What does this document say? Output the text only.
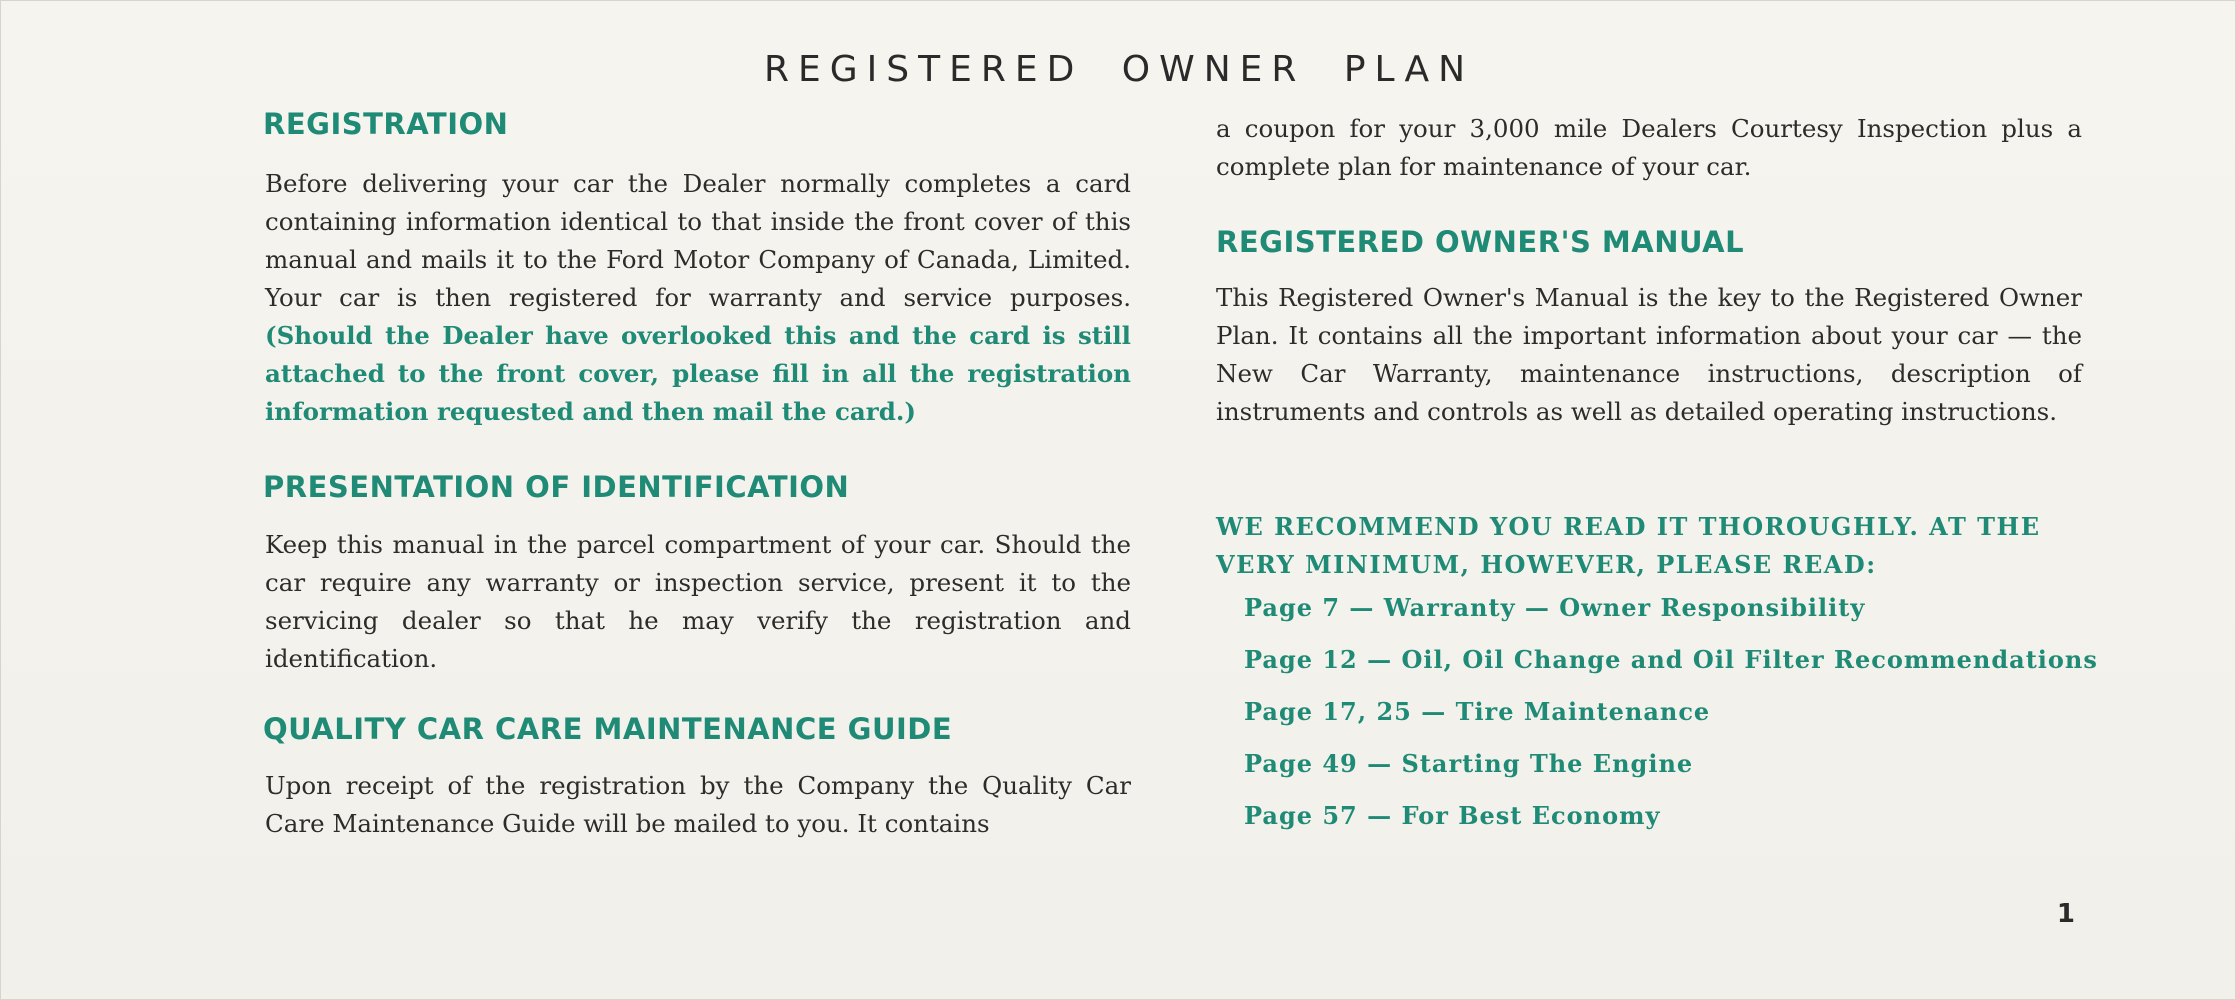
REGISTERED OWNER PLAN
REGISTRATION
Before delivering your car the Dealer normally completes a card containing information identical to that inside the front cover of this manual and mails it to the Ford Motor Company of Canada, Limited. Your car is then registered for warranty and service purposes. (Should the Dealer have overlooked this and the card is still attached to the front cover, please fill in all the registration information requested and then mail the card.)
PRESENTATION OF IDENTIFICATION
Keep this manual in the parcel compartment of your car. Should the car require any warranty or inspection service, present it to the servicing dealer so that he may verify the registration and identification.
QUALITY CAR CARE MAINTENANCE GUIDE
Upon receipt of the registration by the Company the Quality Car Care Maintenance Guide will be mailed to you. It contains
a coupon for your 3,000 mile Dealers Courtesy Inspection plus a complete plan for maintenance of your car.
REGISTERED OWNER'S MANUAL
This Registered Owner's Manual is the key to the Registered Owner Plan. It contains all the important information about your car — the New Car Warranty, maintenance instructions, description of instruments and controls as well as detailed operating instructions.
WE RECOMMEND YOU READ IT THOROUGHLY. AT THE VERY MINIMUM, HOWEVER, PLEASE READ:
Page 7 — Warranty — Owner Responsibility
Page 12 — Oil, Oil Change and Oil Filter Recommendations
Page 17, 25 — Tire Maintenance
Page 49 — Starting The Engine
Page 57 — For Best Economy
1
